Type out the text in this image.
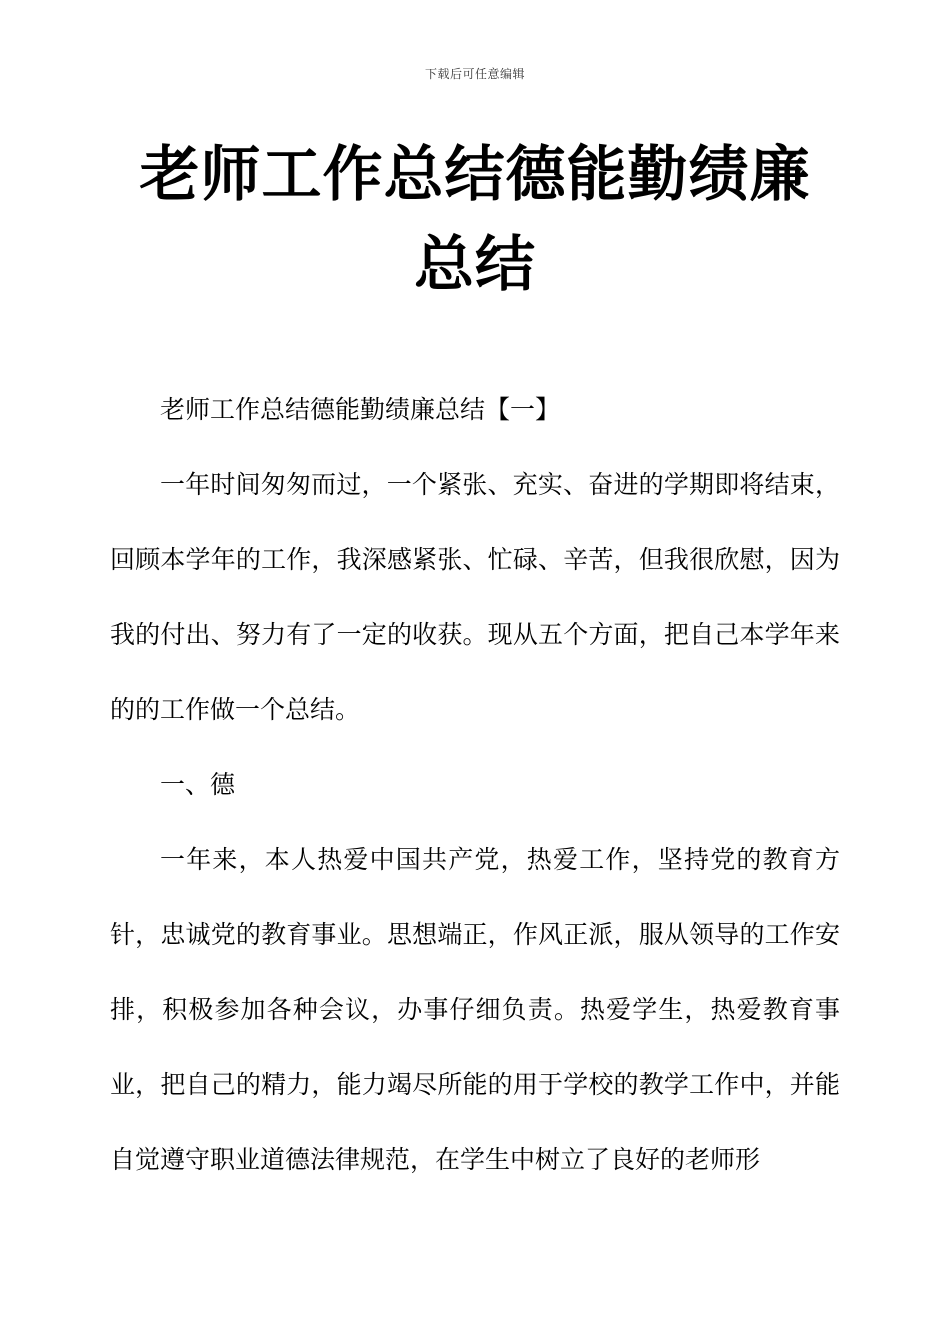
下载后可任意编辑
老师工作总结德能勤绩廉总结

老师工作总结德能勤绩廉总结【一】

一年时间匆匆而过，一个紧张、充实、奋进的学期即将结束，回顾本学年的工作，我深感紧张、忙碌、辛苦，但我很欣慰，因为我的付出、努力有了一定的收获。现从五个方面，把自己本学年来的的工作做一个总结。

一、德

一年来，本人热爱中国共产党，热爱工作，坚持党的教育方针，忠诚党的教育事业。思想端正，作风正派，服从领导的工作安排，积极参加各种会议，办事仔细负责。热爱学生，热爱教育事业，把自己的精力，能力竭尽所能的用于学校的教学工作中，并能自觉遵守职业道德法律规范，在学生中树立了良好的老师形
